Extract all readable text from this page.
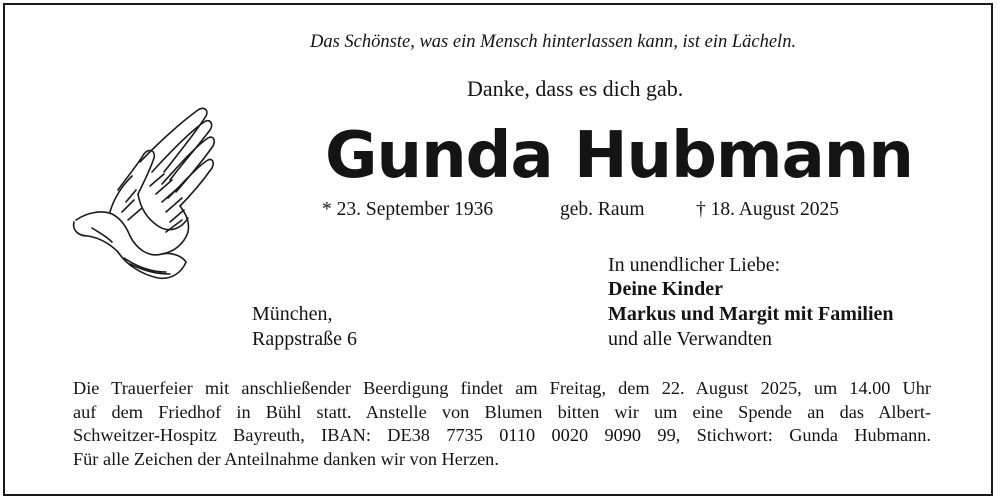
Das Schönste, was ein Mensch hinterlassen kann, ist ein Lächeln.
Danke, dass es dich gab.
Gunda Hubmann
* 23. September 1936	geb. Raum	† 18. August 2025
In unendlicher Liebe:
Deine Kinder
Markus und Margit mit Familien
und alle Verwandten
München,
Rappstraße 6
Die Trauerfeier mit anschließender Beerdigung findet am Freitag, dem 22. August 2025, um 14.00 Uhr
auf dem Friedhof in Bühl statt. Anstelle von Blumen bitten wir um eine Spende an das Albert-
Schweitzer-Hospitz Bayreuth, IBAN: DE38 7735 0110 0020 9090 99, Stichwort: Gunda Hubmann.
Für alle Zeichen der Anteilnahme danken wir von Herzen.
